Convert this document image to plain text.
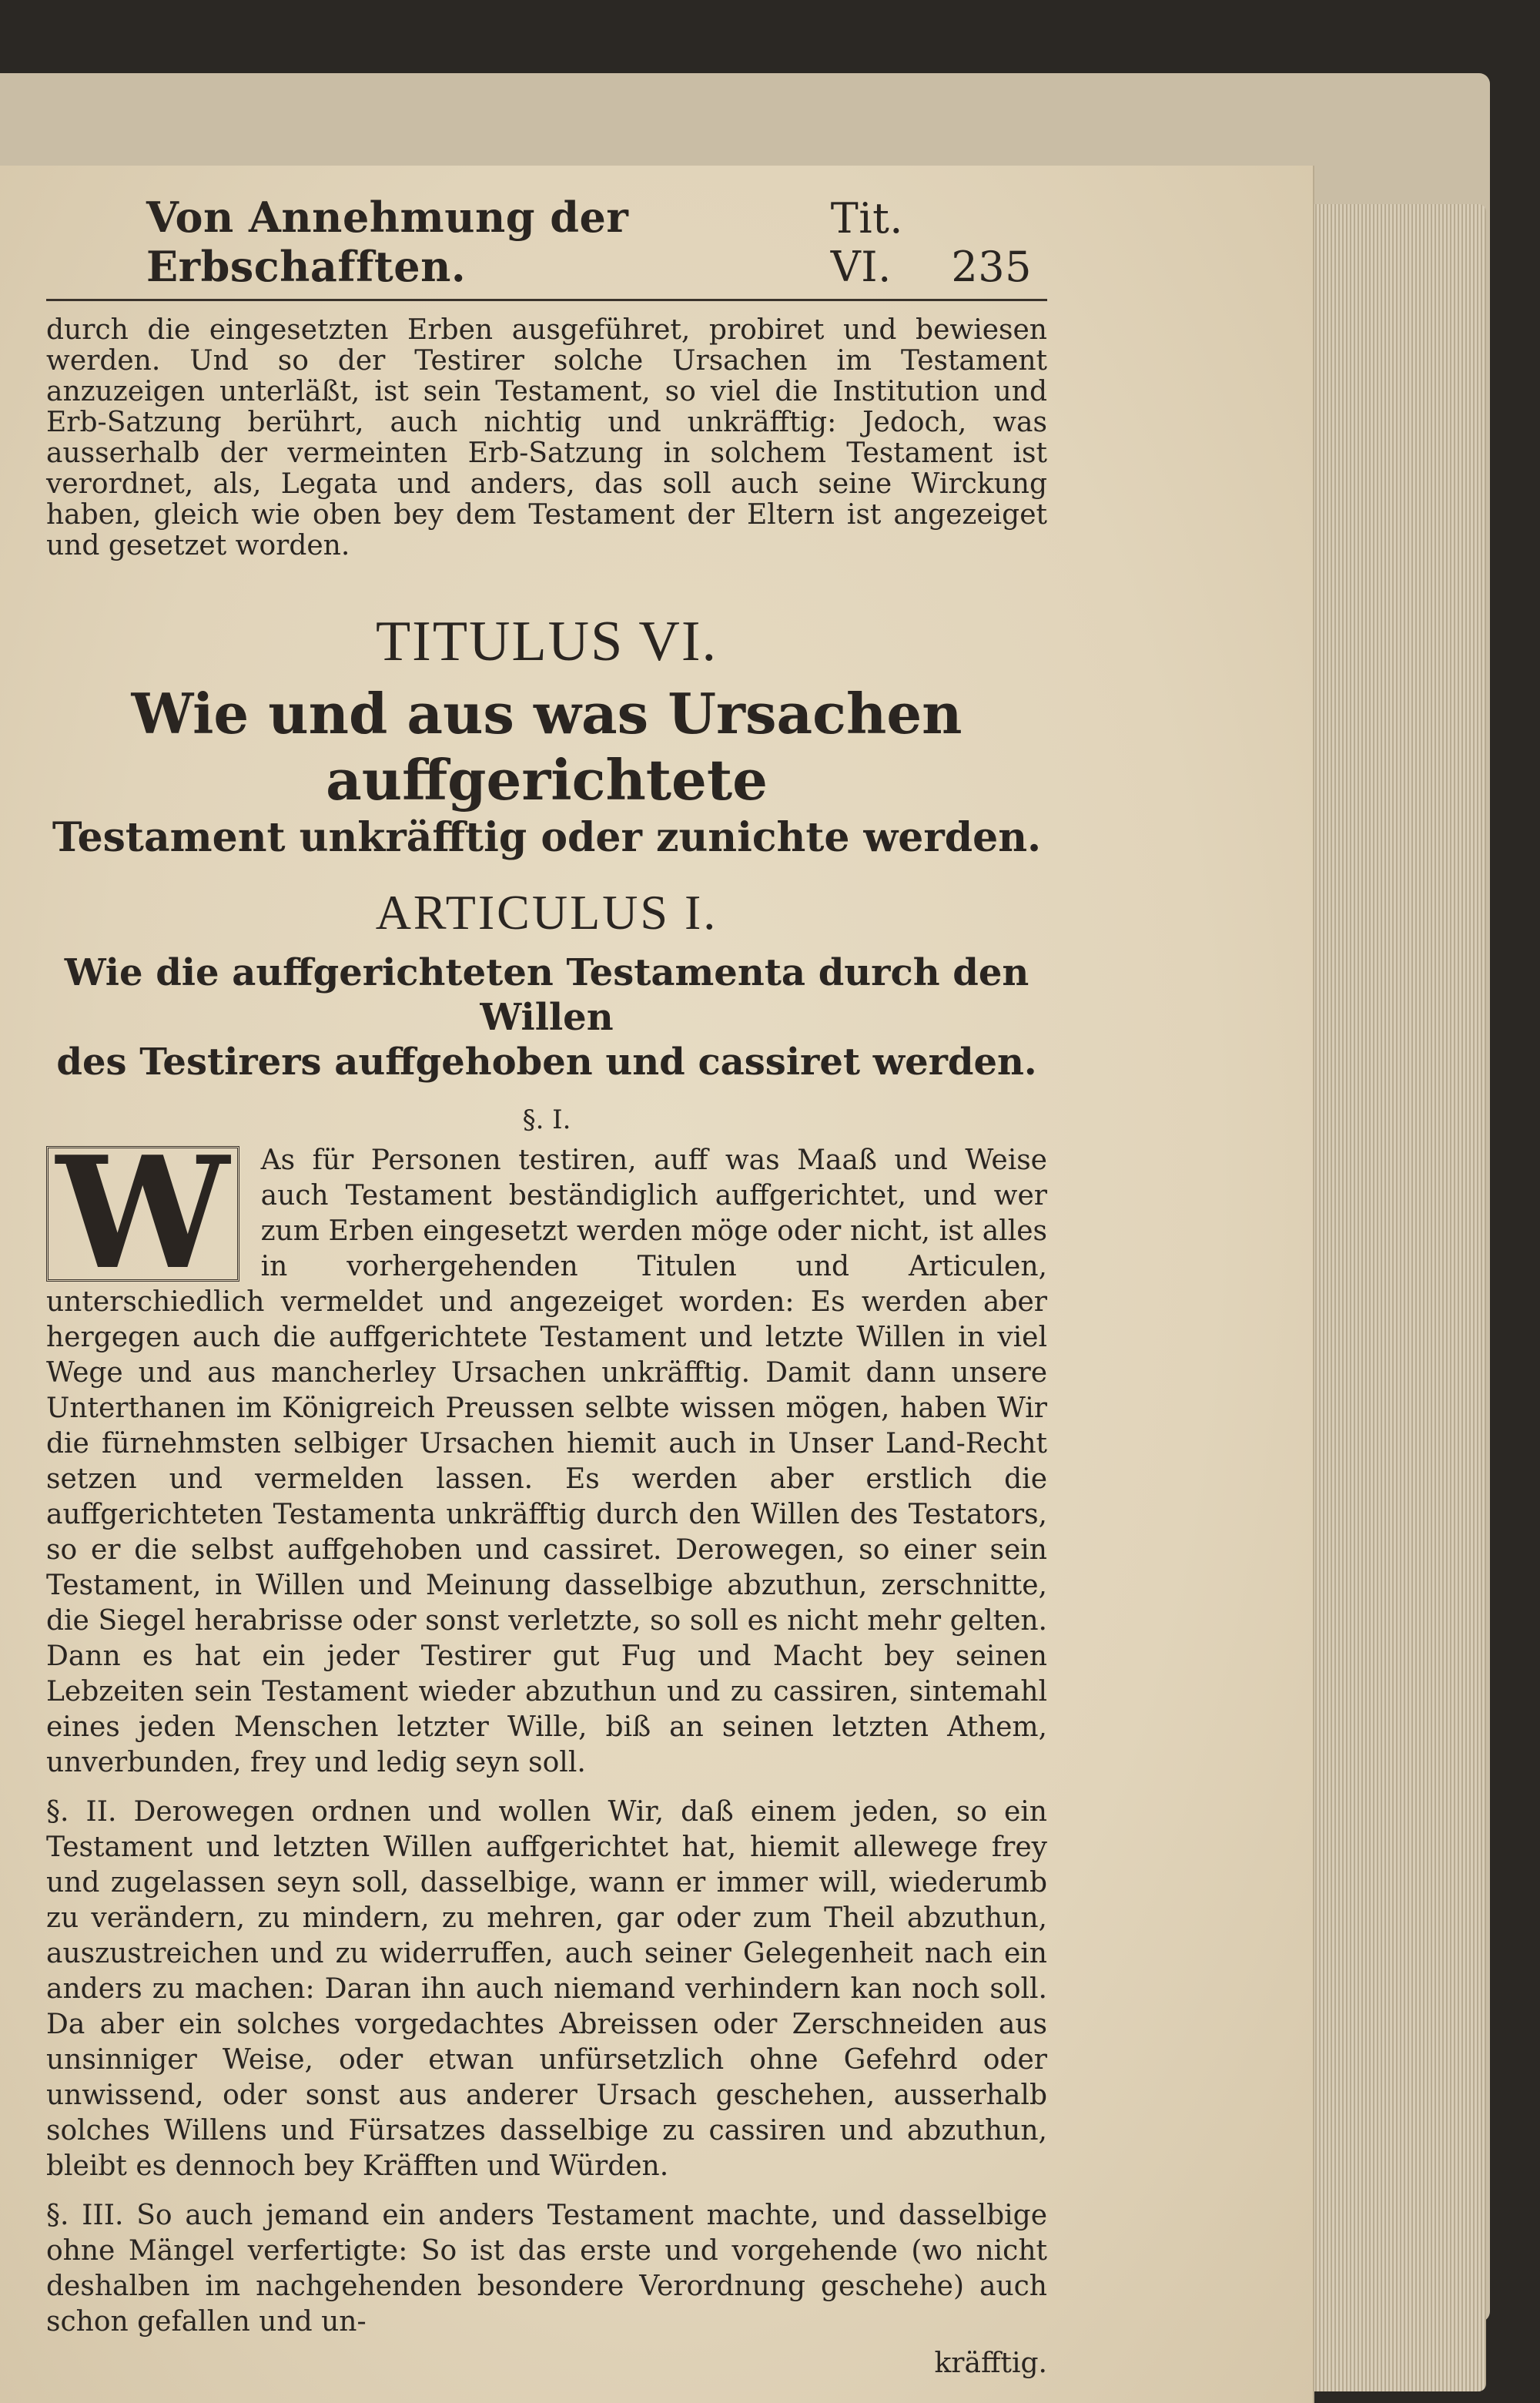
Von Annehmung der Erbschafften.
Tit. VI.	235

durch die eingesetzten Erben ausgeführet, probiret und bewiesen werden. Und so der Testirer solche Ursachen im Testament anzuzeigen unterläßt, ist sein Testament, so viel die Institution und Erb-Satzung berührt, auch nichtig und unkräfftig: Jedoch, was ausserhalb der vermeinten Erb-Satzung in solchem Testament ist verordnet, als, Legata und anders, das soll auch seine Wirckung haben, gleich wie oben bey dem Testament der Eltern ist angezeiget und gesetzet worden.

TITULUS VI.

Wie und aus was Ursachen auffgerichtete

Testament unkräfftig oder zunichte werden.

ARTICULUS I.

Wie die auffgerichteten Testamenta durch den Willen
des Testirers auffgehoben und cassiret werden.

§. I.

W	As für Personen testiren, auff was Maaß und Weise auch Testament beständiglich auffgerichtet, und wer zum Erben eingesetzt werden möge oder nicht, ist alles in vorhergehenden Titulen und Articulen, unterschiedlich vermeldet und angezeiget worden: Es werden aber hergegen auch die auffgerichtete Testament und letzte Willen in viel Wege und aus mancherley Ursachen unkräfftig. Damit dann unsere Unterthanen im Königreich Preussen selbte wissen mögen, haben Wir die fürnehmsten selbiger Ursachen hiemit auch in Unser Land-Recht setzen und vermelden lassen. Es werden aber erstlich die auffgerichteten Testamenta unkräfftig durch den Willen des Testators, so er die selbst auffgehoben und cassiret. Derowegen, so einer sein Testament, in Willen und Meinung dasselbige abzuthun, zerschnitte, die Siegel herabrisse oder sonst verletzte, so soll es nicht mehr gelten. Dann es hat ein jeder Testirer gut Fug und Macht bey seinen Lebzeiten sein Testament wieder abzuthun und zu cassiren, sintemahl eines jeden Menschen letzter Wille, biß an seinen letzten Athem, unverbunden, frey und ledig seyn soll.

§. II. Derowegen ordnen und wollen Wir, daß einem jeden, so ein Testament und letzten Willen auffgerichtet hat, hiemit allewege frey und zugelassen seyn soll, dasselbige, wann er immer will, wiederumb zu verändern, zu mindern, zu mehren, gar oder zum Theil abzuthun, auszustreichen und zu widerruffen, auch seiner Gelegenheit nach ein anders zu machen: Daran ihn auch niemand verhindern kan noch soll. Da aber ein solches vorgedachtes Abreissen oder Zerschneiden aus unsinniger Weise, oder etwan unfürsetzlich ohne Gefehrd oder unwissend, oder sonst aus anderer Ursach geschehen, ausserhalb solches Willens und Fürsatzes dasselbige zu cassiren und abzuthun, bleibt es dennoch bey Kräfften und Würden.

§. III. So auch jemand ein anders Testament machte, und dasselbige ohne Mängel verfertigte: So ist das erste und vorgehende (wo nicht deshalben im nachgehenden besondere Verordnung geschehe) auch schon gefallen und un-

kräfftig.
